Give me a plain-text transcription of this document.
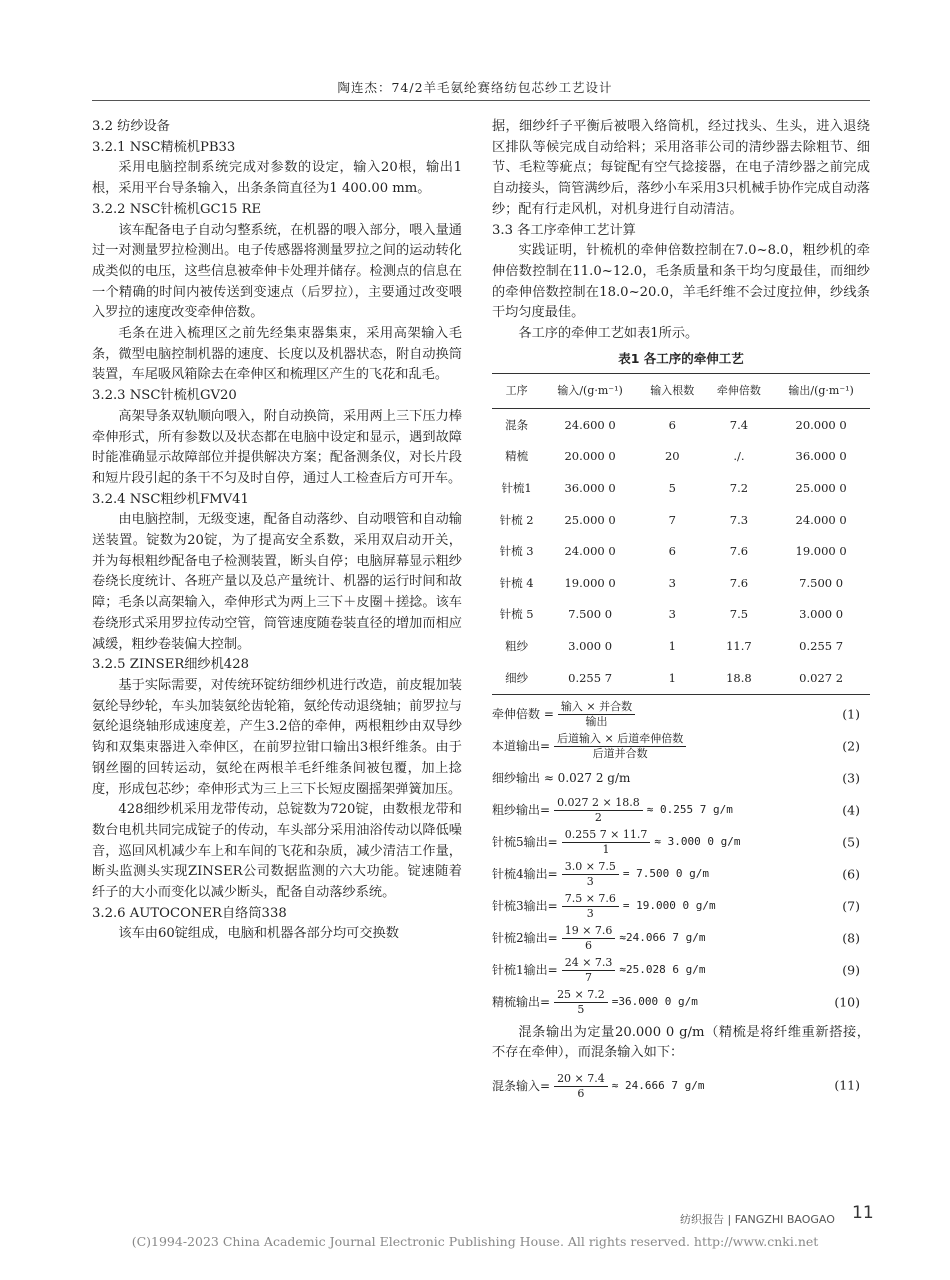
陶连杰：74/2羊毛氨纶赛络纺包芯纱工艺设计

3.2 纺纱设备

3.2.1 NSC精梳机PB33

采用电脑控制系统完成对参数的设定，输入20根，输出1根，采用平台导条输入，出条条筒直径为1 400.00 mm。

3.2.2 NSC针梳机GC15 RE

该车配备电子自动匀整系统，在机器的喂入部分，喂入量通过一对测量罗拉检测出。电子传感器将测量罗拉之间的运动转化成类似的电压，这些信息被牵伸卡处理并储存。检测点的信息在一个精确的时间内被传送到变速点（后罗拉），主要通过改变喂入罗拉的速度改变牵伸倍数。

毛条在进入梳理区之前先经集束器集束，采用高架输入毛条，微型电脑控制机器的速度、长度以及机器状态，附自动换筒装置，车尾吸风箱除去在牵伸区和梳理区产生的飞花和乱毛。

3.2.3 NSC针梳机GV20

高架导条双轨顺向喂入，附自动换筒，采用两上三下压力棒牵伸形式，所有参数以及状态都在电脑中设定和显示，遇到故障时能准确显示故障部位并提供解决方案；配备测条仪，对长片段和短片段引起的条干不匀及时自停，通过人工检查后方可开车。

3.2.4 NSC粗纱机FMV41

由电脑控制，无级变速，配备自动落纱、自动喂管和自动输送装置。锭数为20锭，为了提高安全系数，采用双启动开关，并为每根粗纱配备电子检测装置，断头自停；电脑屏幕显示粗纱卷绕长度统计、各班产量以及总产量统计、机器的运行时间和故障；毛条以高架输入，牵伸形式为两上三下＋皮圈＋搓捻。该车卷绕形式采用罗拉传动空管，筒管速度随卷装直径的增加而相应减缓，粗纱卷装偏大控制。

3.2.5 ZINSER细纱机428

基于实际需要，对传统环锭纺细纱机进行改造，前皮辊加装氨纶导纱轮，车头加装氨纶齿轮箱，氨纶传动退绕轴；前罗拉与氨纶退绕轴形成速度差，产生3.2倍的牵伸，两根粗纱由双导纱钩和双集束器进入牵伸区，在前罗拉钳口输出3根纤维条。由于钢丝圈的回转运动，氨纶在两根羊毛纤维条间被包覆，加上捻度，形成包芯纱；牵伸形式为三上三下长短皮圈摇架弹簧加压。

428细纱机采用龙带传动，总锭数为720锭，由数根龙带和数台电机共同完成锭子的传动，车头部分采用油浴传动以降低噪音，巡回风机减少车上和车间的飞花和杂质，减少清洁工作量，断头监测头实现ZINSER公司数据监测的六大功能。锭速随着纤子的大小而变化以减少断头，配备自动落纱系统。

3.2.6 AUTOCONER自络筒338

该车由60锭组成，电脑和机器各部分均可交换数

据，细纱纤子平衡后被喂入络筒机，经过找头、生头，进入退绕区排队等候完成自动给料；采用洛菲公司的清纱器去除粗节、细节、毛粒等疵点；每锭配有空气捻接器，在电子清纱器之前完成自动接头，筒管满纱后，落纱小车采用3只机械手协作完成自动落纱；配有行走风机，对机身进行自动清洁。

3.3 各工序牵伸工艺计算

实践证明，针梳机的牵伸倍数控制在7.0~8.0，粗纱机的牵伸倍数控制在11.0~12.0，毛条质量和条干均匀度最佳，而细纱的牵伸倍数控制在18.0~20.0，羊毛纤维不会过度拉伸，纱线条干均匀度最佳。

各工序的牵伸工艺如表1所示。

表1 各工序的牵伸工艺
工序	输入/(g·m⁻¹)	输入根数	牵伸倍数	输出/(g·m⁻¹)
混条	24.600 0	6	7.4	20.000 0
精梳	20.000 0	20	./.	36.000 0
针梳1	36.000 0	5	7.2	25.000 0
针梳 2	25.000 0	7	7.3	24.000 0
针梳 3	24.000 0	6	7.6	19.000 0
针梳 4	19.000 0	3	7.6	7.500 0
针梳 5	7.500 0	3	7.5	3.000 0
粗纱	3.000 0	1	11.7	0.255 7
细纱	0.255 7	1	18.8	0.027 2
牵伸倍数 = $\frac{\text{输入 × 并合数}}{\text{输出}}$	(1)
本道输出= $\frac{\text{后道输入 × 后道牵伸倍数}}{\text{后道并合数}}$	(2)
细纱输出 ≈ 0.027 2 g/m	(3)
粗纱输出= $\frac{0.027 2 \times 18.8}{2} \approx 0.255$ 7 g/m	(4)
针梳5输出= $\frac{0.255 7 \times 11.7}{1} \approx 3.000$ 0 g/m	(5)
针梳4输出= $\frac{3.0 \times 7.5}{3} = 7.500$ 0 g/m	(6)
针梳3输出= $\frac{7.5 \times 7.6}{3} = 19.000$ 0 g/m	(7)
针梳2输出= $\frac{19 \times 7.6}{6} \approx 24.066$ 7 g/m	(8)
针梳1输出= $\frac{24 \times 7.3}{7} \approx 25.028$ 6 g/m	(9)
精梳输出= $\frac{25 \times 7.2}{5} =36.000$ 0 g/m	(10)

混条输出为定量20.000 0 g/m（精梳是将纤维重新搭接，不存在牵伸），而混条输入如下：

混条输入= $\frac{20 \times 7.4}{6} \approx 24.666$ 7 g/m	(11)
纺织报告 | FANGZHI BAOGAO 11
(C)1994-2023 China Academic Journal Electronic Publishing House. All rights reserved. http://www.cnki.net
